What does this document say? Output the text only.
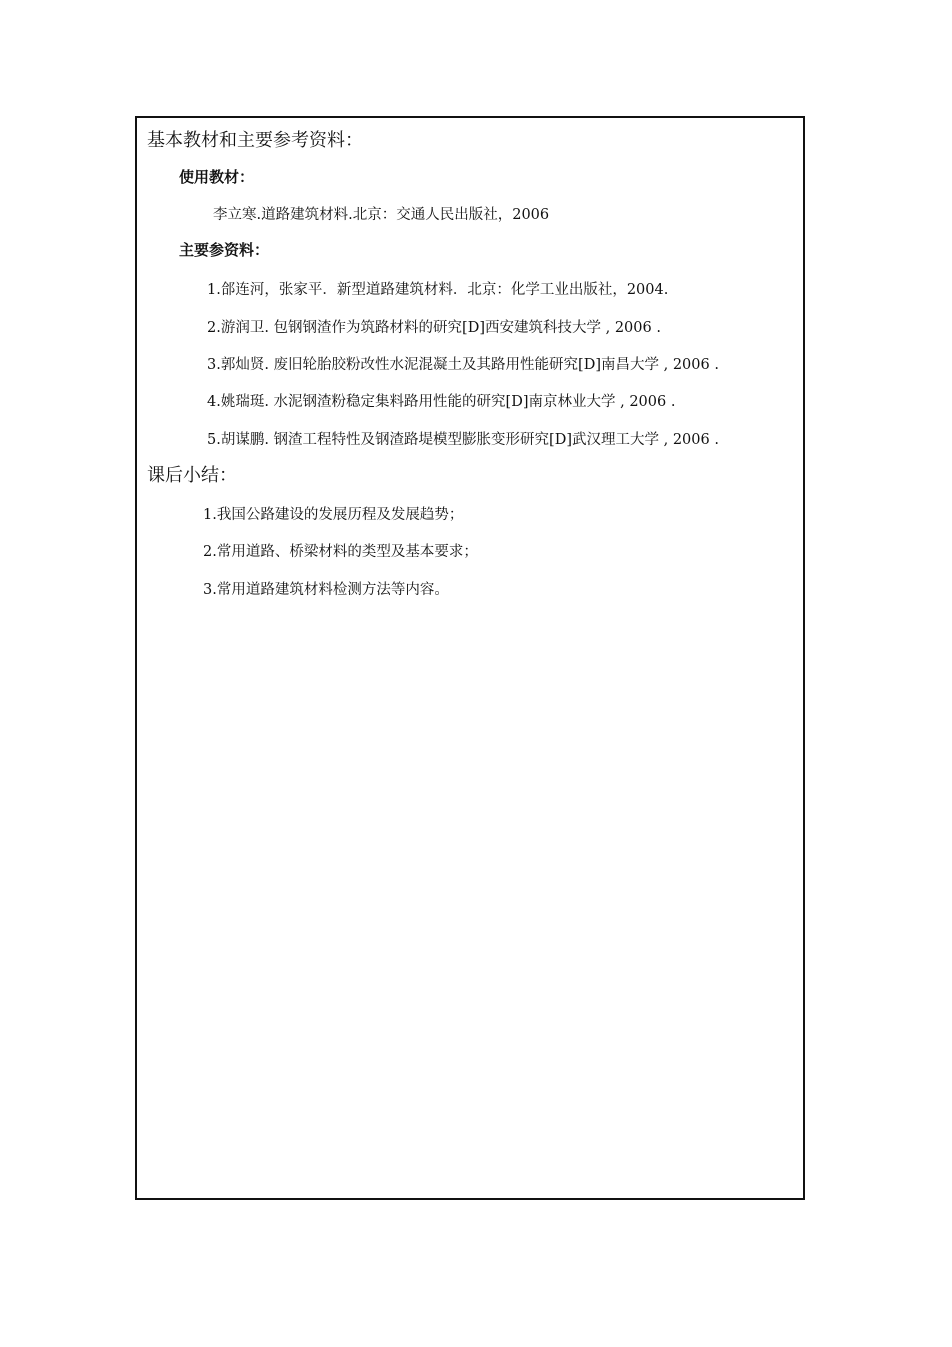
基本教材和主要参考资料：
使用教材：
李立寒.道路建筑材料.北京：交通人民出版社，2006
主要参资料：
1.郃连河，张家平．新型道路建筑材料．北京：化学工业出版社，2004.
2.游润卫. 包钢钢渣作为筑路材料的研究[D]西安建筑科技大学 , 2006 .
3.郭灿贤. 废旧轮胎胶粉改性水泥混凝土及其路用性能研究[D]南昌大学 , 2006 .
4.姚瑞珽. 水泥钢渣粉稳定集料路用性能的研究[D]南京林业大学 , 2006 .
5.胡谋鹏. 钢渣工程特性及钢渣路堤模型膨胀变形研究[D]武汉理工大学 , 2006 .
课后小结：
1.我国公路建设的发展历程及发展趋势；
2.常用道路、桥梁材料的类型及基本要求；
3.常用道路建筑材料检测方法等内容。
